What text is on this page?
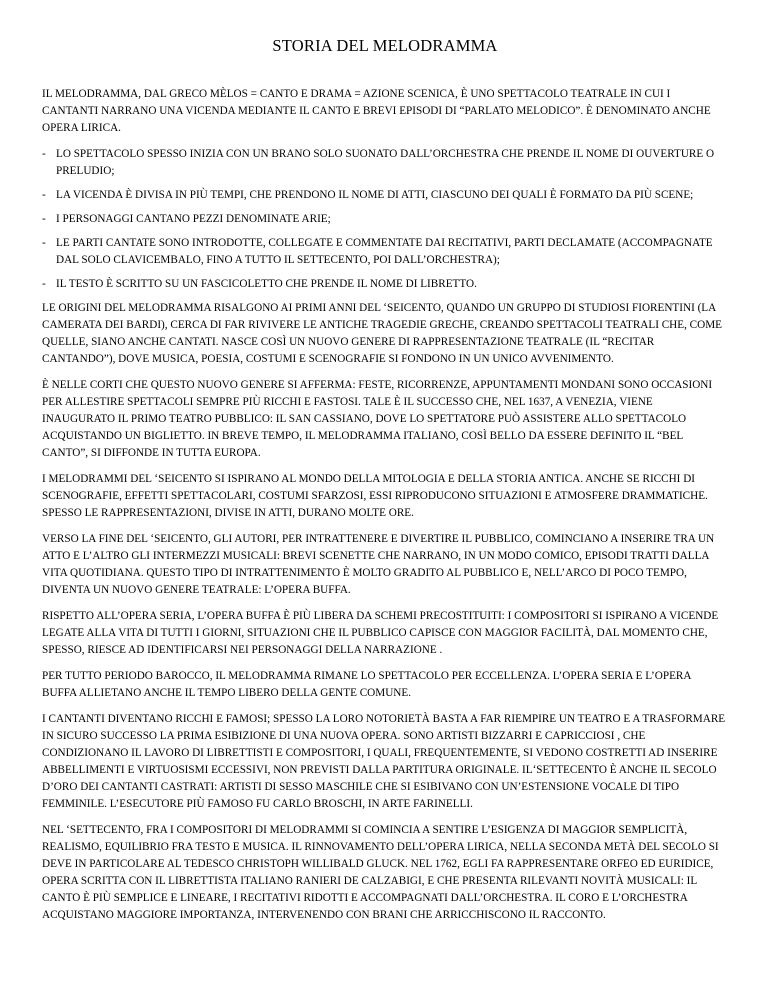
STORIA DEL MELODRAMMA

IL MELODRAMMA, DAL GRECO MÈLOS = CANTO E DRAMA = AZIONE SCENICA, È UNO SPETTACOLO TEATRALE IN CUI I CANTANTI NARRANO UNA VICENDA MEDIANTE IL CANTO E BREVI EPISODI DI “PARLATO MELODICO”. È DENOMINATO ANCHE OPERA LIRICA.

- LO SPETTACOLO SPESSO INIZIA CON UN BRANO SOLO SUONATO DALL’ORCHESTRA CHE PRENDE IL NOME DI OUVERTURE O PRELUDIO;

- LA VICENDA È DIVISA IN PIÙ TEMPI, CHE PRENDONO IL NOME DI ATTI, CIASCUNO DEI QUALI È FORMATO DA PIÙ SCENE;

- I PERSONAGGI CANTANO PEZZI DENOMINATE ARIE;

- LE PARTI CANTATE SONO INTRODOTTE, COLLEGATE E COMMENTATE DAI RECITATIVI, PARTI DECLAMATE (ACCOMPAGNATE DAL SOLO CLAVICEMBALO, FINO A TUTTO IL SETTECENTO, POI DALL’ORCHESTRA);

- IL TESTO È SCRITTO SU UN FASCICOLETTO CHE PRENDE IL NOME DI LIBRETTO.

LE ORIGINI DEL MELODRAMMA RISALGONO AI PRIMI ANNI DEL ‘SEICENTO, QUANDO UN GRUPPO DI STUDIOSI FIORENTINI (LA CAMERATA DEI BARDI), CERCA DI FAR RIVIVERE LE ANTICHE TRAGEDIE GRECHE, CREANDO SPETTACOLI TEATRALI CHE, COME QUELLE, SIANO ANCHE CANTATI. NASCE COSÌ UN NUOVO GENERE DI RAPPRESENTAZIONE TEATRALE (IL “RECITAR CANTANDO”), DOVE MUSICA, POESIA, COSTUMI E SCENOGRAFIE SI FONDONO IN UN UNICO AVVENIMENTO.

È NELLE CORTI CHE QUESTO NUOVO GENERE SI AFFERMA: FESTE, RICORRENZE, APPUNTAMENTI MONDANI SONO OCCASIONI PER ALLESTIRE SPETTACOLI SEMPRE PIÙ RICCHI E FASTOSI. TALE È IL SUCCESSO CHE, NEL 1637, A VENEZIA, VIENE INAUGURATO IL PRIMO TEATRO PUBBLICO: IL SAN CASSIANO, DOVE LO SPETTATORE PUÒ ASSISTERE ALLO SPETTACOLO ACQUISTANDO UN BIGLIETTO. IN BREVE TEMPO, IL MELODRAMMA ITALIANO, COSÌ BELLO DA ESSERE DEFINITO IL “BEL CANTO”, SI DIFFONDE IN TUTTA EUROPA.

I MELODRAMMI DEL ‘SEICENTO SI ISPIRANO AL MONDO DELLA MITOLOGIA E DELLA STORIA ANTICA. ANCHE SE RICCHI DI SCENOGRAFIE, EFFETTI SPETTACOLARI, COSTUMI SFARZOSI, ESSI RIPRODUCONO SITUAZIONI E ATMOSFERE DRAMMATICHE. SPESSO LE RAPPRESENTAZIONI, DIVISE IN ATTI, DURANO MOLTE ORE.

VERSO LA FINE DEL ‘SEICENTO, GLI AUTORI, PER INTRATTENERE E DIVERTIRE IL PUBBLICO, COMINCIANO A INSERIRE TRA UN ATTO E L’ALTRO GLI INTERMEZZI MUSICALI: BREVI SCENETTE CHE NARRANO, IN UN MODO COMICO, EPISODI TRATTI DALLA VITA QUOTIDIANA. QUESTO TIPO DI INTRATTENIMENTO È MOLTO GRADITO AL PUBBLICO E, NELL’ARCO DI POCO TEMPO, DIVENTA UN NUOVO GENERE TEATRALE: L’OPERA BUFFA.

RISPETTO ALL’OPERA SERIA, L’OPERA BUFFA È PIÙ LIBERA DA SCHEMI PRECOSTITUITI: I COMPOSITORI SI ISPIRANO A VICENDE LEGATE ALLA VITA DI TUTTI I GIORNI, SITUAZIONI CHE IL PUBBLICO CAPISCE CON MAGGIOR FACILITÀ, DAL MOMENTO CHE, SPESSO, RIESCE AD IDENTIFICARSI NEI PERSONAGGI DELLA NARRAZIONE .

PER TUTTO PERIODO BAROCCO, IL MELODRAMMA RIMANE LO SPETTACOLO PER ECCELLENZA. L’OPERA SERIA E L’OPERA BUFFA ALLIETANO ANCHE IL TEMPO LIBERO DELLA GENTE COMUNE.

I CANTANTI DIVENTANO RICCHI E FAMOSI; SPESSO LA LORO NOTORIETÀ BASTA A FAR RIEMPIRE UN TEATRO E A TRASFORMARE IN SICURO SUCCESSO LA PRIMA ESIBIZIONE DI UNA NUOVA OPERA. SONO ARTISTI BIZZARRI E CAPRICCIOSI , CHE CONDIZIONANO IL LAVORO DI LIBRETTISTI E COMPOSITORI, I QUALI, FREQUENTEMENTE, SI VEDONO COSTRETTI AD INSERIRE ABBELLIMENTI E VIRTUOSISMI ECCESSIVI, NON PREVISTI DALLA PARTITURA ORIGINALE. IL‘SETTECENTO È ANCHE IL SECOLO D’ORO DEI CANTANTI CASTRATI: ARTISTI DI SESSO MASCHILE CHE SI ESIBIVANO CON UN’ESTENSIONE VOCALE DI TIPO FEMMINILE. L’ESECUTORE PIÙ FAMOSO FU CARLO BROSCHI, IN ARTE FARINELLI.

NEL ‘SETTECENTO, FRA I COMPOSITORI DI MELODRAMMI SI COMINCIA A SENTIRE L’ESIGENZA DI MAGGIOR SEMPLICITÀ, REALISMO, EQUILIBRIO FRA TESTO E MUSICA. IL RINNOVAMENTO DELL’OPERA LIRICA, NELLA SECONDA METÀ DEL SECOLO SI DEVE IN PARTICOLARE AL TEDESCO CHRISTOPH WILLIBALD GLUCK. NEL 1762, EGLI FA RAPPRESENTARE ORFEO ED EURIDICE, OPERA SCRITTA CON IL LIBRETTISTA ITALIANO RANIERI DE CALZABIGI, E CHE PRESENTA RILEVANTI NOVITÀ MUSICALI: IL CANTO È PIÙ SEMPLICE E LINEARE, I RECITATIVI RIDOTTI E ACCOMPAGNATI DALL’ORCHESTRA. IL CORO E L’ORCHESTRA ACQUISTANO MAGGIORE IMPORTANZA, INTERVENENDO CON BRANI CHE ARRICCHISCONO IL RACCONTO.
